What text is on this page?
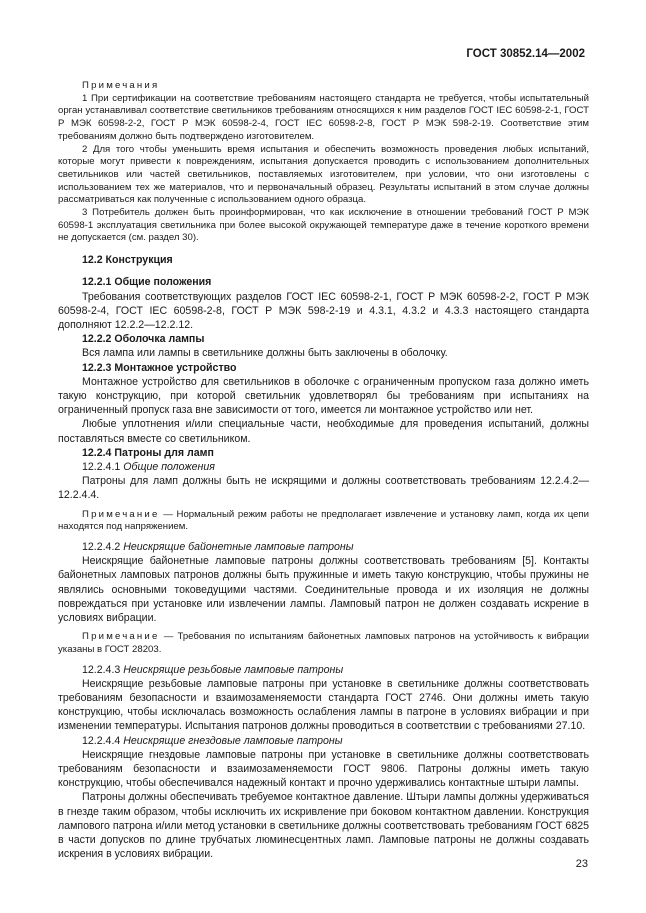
ГОСТ 30852.14—2002

Примечания

1 При сертификации на соответствие требованиям настоящего стандарта не требуется, чтобы испытательный орган устанавливал соответствие светильников требованиям относящихся к ним разделов ГОСТ IEC 60598-2-1, ГОСТ Р МЭК 60598-2-2, ГОСТ Р МЭК 60598-2-4, ГОСТ IEC 60598-2-8, ГОСТ Р МЭК 598-2-19. Соответствие этим требованиям должно быть подтверждено изготовителем.

2 Для того чтобы уменьшить время испытания и обеспечить возможность проведения любых испытаний, которые могут привести к повреждениям, испытания допускается проводить с использованием дополнительных светильников или частей светильников, поставляемых изготовителем, при условии, что они изготовлены с использованием тех же материалов, что и первоначальный образец. Результаты испытаний в этом случае должны рассматриваться как полученные с использованием одного образца.

3 Потребитель должен быть проинформирован, что как исключение в отношении требований ГОСТ Р МЭК 60598-1 эксплуатация светильника при более высокой окружающей температуре даже в течение короткого времени не допускается (см. раздел 30).

12.2 Конструкция

12.2.1 Общие положения

Требования соответствующих разделов ГОСТ IEC 60598-2-1, ГОСТ Р МЭК 60598-2-2, ГОСТ Р МЭК 60598-2-4, ГОСТ IEC 60598-2-8, ГОСТ Р МЭК 598-2-19 и 4.3.1, 4.3.2 и 4.3.3 настоящего стандарта дополняют 12.2.2—12.2.12.

12.2.2 Оболочка лампы

Вся лампа или лампы в светильнике должны быть заключены в оболочку.

12.2.3 Монтажное устройство

Монтажное устройство для светильников в оболочке с ограниченным пропуском газа должно иметь такую конструкцию, при которой светильник удовлетворял бы требованиям при испытаниях на ограниченный пропуск газа вне зависимости от того, имеется ли монтажное устройство или нет.

Любые уплотнения и/или специальные части, необходимые для проведения испытаний, должны поставляться вместе со светильником.

12.2.4 Патроны для ламп

12.2.4.1 Общие положения

Патроны для ламп должны быть не искрящими и должны соответствовать требованиям 12.2.4.2—12.2.4.4.

Примечание — Нормальный режим работы не предполагает извлечение и установку ламп, когда их цепи находятся под напряжением.

12.2.4.2 Неискрящие байонетные ламповые патроны

Неискрящие байонетные ламповые патроны должны соответствовать требованиям [5]. Контакты байонетных ламповых патронов должны быть пружинные и иметь такую конструкцию, чтобы пружины не являлись основными токоведущими частями. Соединительные провода и их изоляция не должны повреждаться при установке или извлечении лампы. Ламповый патрон не должен создавать искрение в условиях вибрации.

Примечание — Требования по испытаниям байонетных ламповых патронов на устойчивость к вибрации указаны в ГОСТ 28203.

12.2.4.3 Неискрящие резьбовые ламповые патроны

Неискрящие резьбовые ламповые патроны при установке в светильнике должны соответствовать требованиям безопасности и взаимозаменяемости стандарта ГОСТ 2746. Они должны иметь такую конструкцию, чтобы исключалась возможность ослабления лампы в патроне в условиях вибрации и при изменении температуры. Испытания патронов должны проводиться в соответствии с требованиями 27.10.

12.2.4.4 Неискрящие гнездовые ламповые патроны

Неискрящие гнездовые ламповые патроны при установке в светильнике должны соответствовать требованиям безопасности и взаимозаменяемости ГОСТ 9806. Патроны должны иметь такую конструкцию, чтобы обеспечивался надежный контакт и прочно удерживались контактные штыри лампы.

Патроны должны обеспечивать требуемое контактное давление. Штыри лампы должны удерживаться в гнезде таким образом, чтобы исключить их искривление при боковом контактном давлении. Конструкция лампового патрона и/или метод установки в светильнике должны соответствовать требованиям ГОСТ 6825 в части допусков по длине трубчатых люминесцентных ламп. Ламповые патроны не должны создавать искрения в условиях вибрации.

23
